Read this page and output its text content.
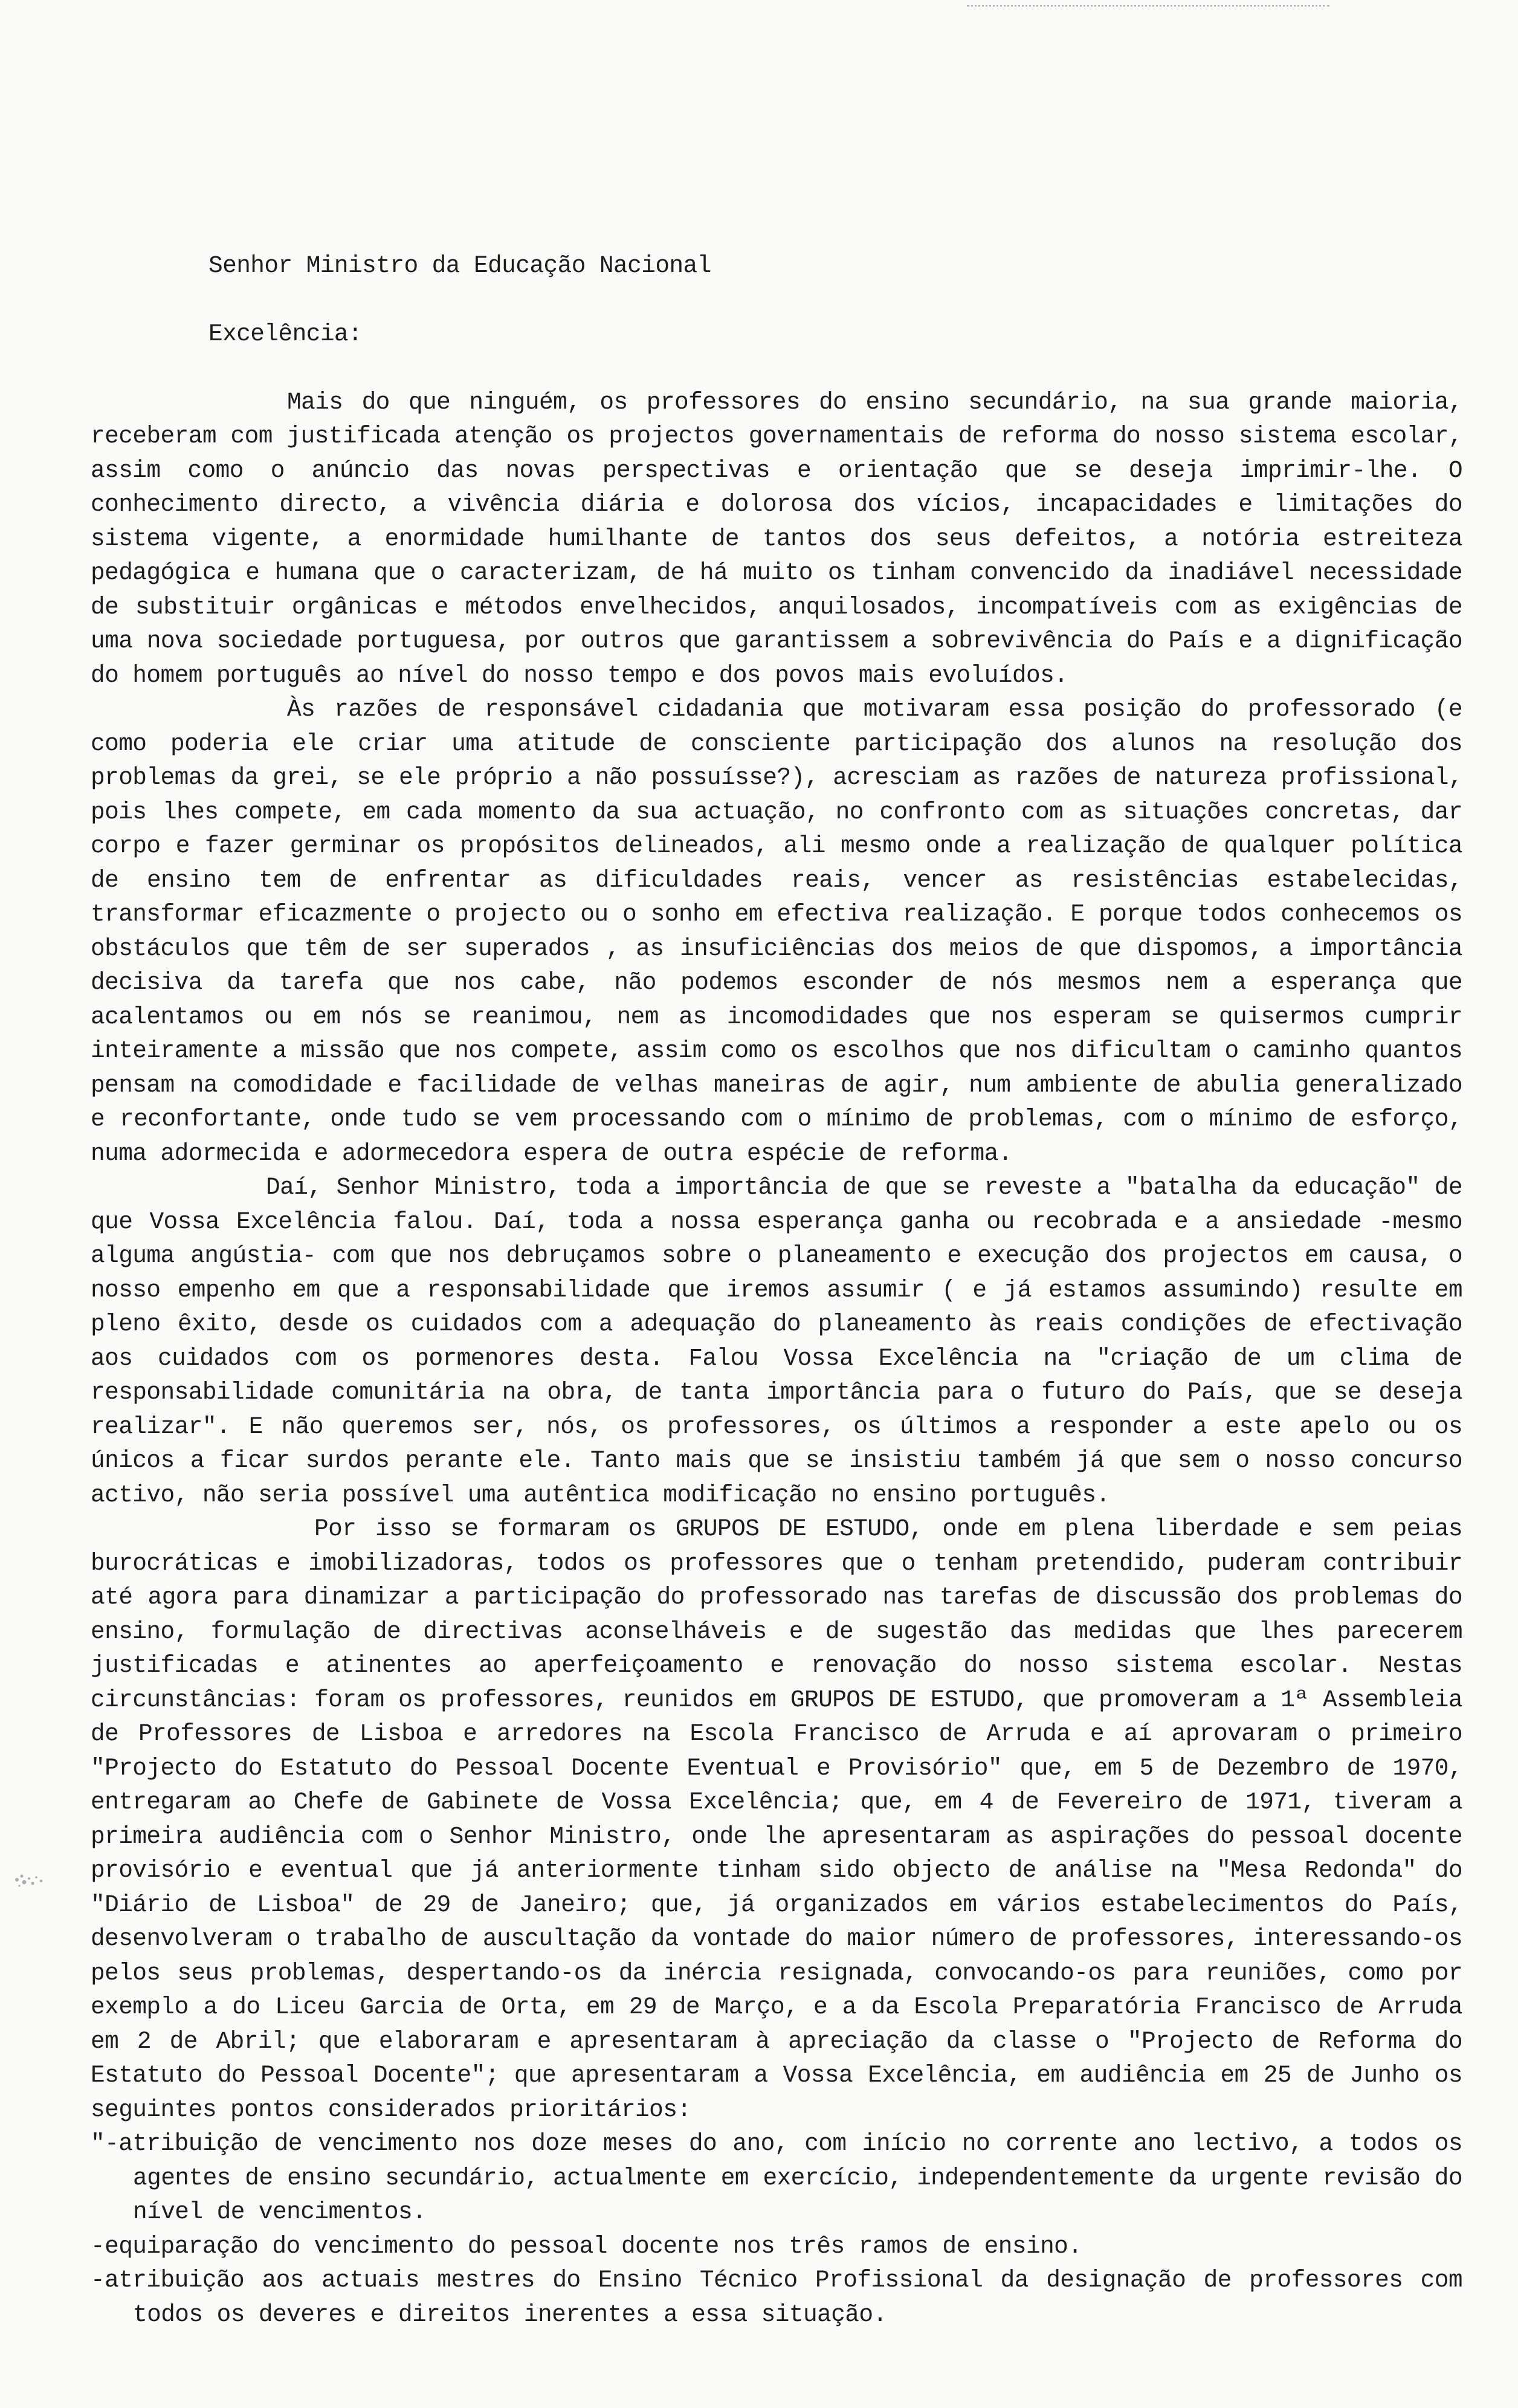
Senhor Ministro da Educação Nacional

Excelência:

Mais do que ninguém, os professores do ensino secundário, na sua grande maioria, receberam com justificada atenção os projectos governamentais de reforma do nosso sistema escolar, assim como o anúncio das novas perspectivas e orientação que se deseja imprimir-lhe. O conhecimento directo, a vivência diária e dolorosa dos vícios, incapacidades e limitações do sistema vigente, a enormidade humilhante de tantos dos seus defeitos, a notória estreiteza pedagógica e humana que o caracterizam, de há muito os tinham convencido da inadiável necessidade de substituir orgânicas e métodos envelhecidos, anquilosados, incompatíveis com as exigências de uma nova sociedade portuguesa, por outros que garantissem a sobrevivência do País e a dignificação do homem português ao nível do nosso tempo e dos povos mais evoluídos.

Às razões de responsável cidadania que motivaram essa posição do professorado (e como poderia ele criar uma atitude de consciente participação dos alunos na resolução dos problemas da grei, se ele próprio a não possuísse?), acresciam as razões de natureza profissional, pois lhes compete, em cada momento da sua actuação, no confronto com as situações concretas, dar corpo e fazer germinar os propósitos delineados, ali mesmo onde a realização de qualquer política de ensino tem de enfrentar as dificuldades reais, vencer as resistências estabelecidas, transformar eficazmente o projecto ou o sonho em efectiva realização. E porque todos conhecemos os obstáculos que têm de ser superados , as insuficiências dos meios de que dispomos, a importância decisiva da tarefa que nos cabe, não podemos esconder de nós mesmos nem a esperança que acalentamos ou em nós se reanimou, nem as incomodidades que nos esperam se quisermos cumprir inteiramente a missão que nos compete, assim como os escolhos que nos dificultam o caminho quantos pensam na comodidade e facilidade de velhas maneiras de agir, num ambiente de abulia generalizado e reconfortante, onde tudo se vem processando com o mínimo de problemas, com o mínimo de esforço, numa adormecida e adormecedora espera de outra espécie de reforma.

Daí, Senhor Ministro, toda a importância de que se reveste a "batalha da educação" de que Vossa Excelência falou. Daí, toda a nossa esperança ganha ou recobrada e a ansiedade -mesmo alguma angústia- com que nos debruçamos sobre o planeamento e execução dos projectos em causa, o nosso empenho em que a responsabilidade que iremos assumir ( e já estamos assumindo) resulte em pleno êxito, desde os cuidados com a adequação do planeamento às reais condições de efectivação aos cuidados com os pormenores desta. Falou Vossa Excelência na "criação de um clima de responsabilidade comunitária na obra, de tanta importância para o futuro do País, que se deseja realizar". E não queremos ser, nós, os professores, os últimos a responder a este apelo ou os únicos a ficar surdos perante ele. Tanto mais que se insistiu também já que sem o nosso concurso activo, não seria possível uma autêntica modificação no ensino português.

Por isso se formaram os GRUPOS DE ESTUDO, onde em plena liberdade e sem peias burocráticas e imobilizadoras, todos os professores que o tenham pretendido, puderam contribuir até agora para dinamizar a participação do professorado nas tarefas de discussão dos problemas do ensino, formulação de directivas aconselháveis e de sugestão das medidas que lhes parecerem justificadas e atinentes ao aperfeiçoamento e renovação do nosso sistema escolar. Nestas circunstâncias: foram os professores, reunidos em GRUPOS DE ESTUDO, que promoveram a 1ª Assembleia de Professores de Lisboa e arredores na Escola Francisco de Arruda e aí aprovaram o primeiro "Projecto do Estatuto do Pessoal Docente Eventual e Provisório" que, em 5 de Dezembro de 1970, entregaram ao Chefe de Gabinete de Vossa Excelência; que, em 4 de Fevereiro de 1971, tiveram a primeira audiência com o Senhor Ministro, onde lhe apresentaram as aspirações do pessoal docente provisório e eventual que já anteriormente tinham sido objecto de análise na "Mesa Redonda" do "Diário de Lisboa" de 29 de Janeiro; que, já organizados em vários estabelecimentos do País, desenvolveram o trabalho de auscultação da vontade do maior número de professores, interessando-os pelos seus problemas, despertando-os da inércia resignada, convocando-os para reuniões, como por exemplo a do Liceu Garcia de Orta, em 29 de Março, e a da Escola Preparatória Francisco de Arruda em 2 de Abril; que elaboraram e apresentaram à apreciação da classe o "Projecto de Reforma do Estatuto do Pessoal Docente"; que apresentaram a Vossa Excelência, em audiência em 25 de Junho os seguintes pontos considerados prioritários:

"-atribuição de vencimento nos doze meses do ano, com início no corrente ano lectivo, a todos os agentes de ensino secundário, actualmente em exercício, independentemente da urgente revisão do nível de vencimentos.
-equiparação do vencimento do pessoal docente nos três ramos de ensino.
-atribuição aos actuais mestres do Ensino Técnico Profissional da designação de professores com todos os deveres e direitos inerentes a essa situação.
